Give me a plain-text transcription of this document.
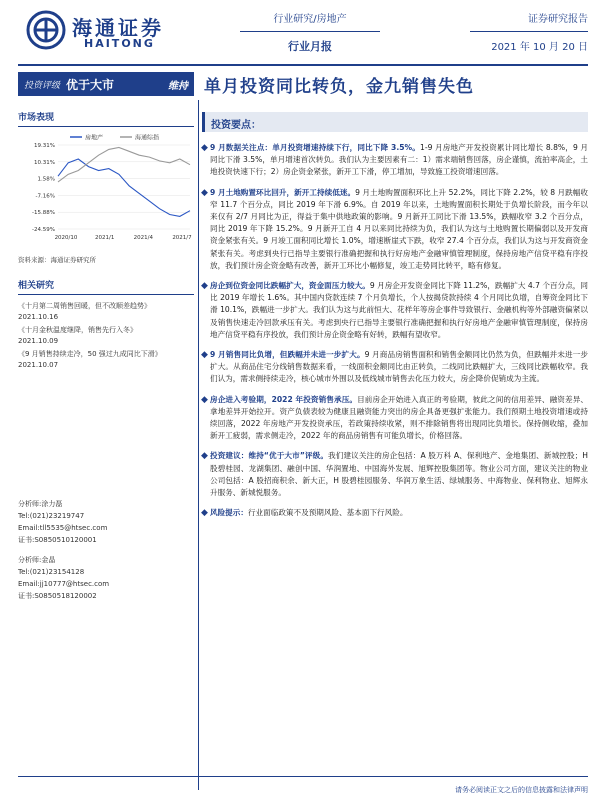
海通证券
HAITONG
行业研究/房地产
行业月报
证券研究报告
2021 年 10 月 20 日
投资评级 优于大市	维持
市场表现
房地产	海通综指
19.31%
10.31%
1.58%
-7.16%
-15.88%
-24.59%
2020/10	2021/1	2021/4	2021/7
资料来源：海通证券研究所
相关研究
《十月第二周销售回暖，但不改顺差趋势》
2021.10.16
《十月金秋温度继降，销售先行入冬》
2021.10.09
《9 月销售持续走冷，50 强过九成同比下滑》
2021.10.07
分析师:涂力磊
Tel:(021)23219747
Email:tll5535@htsec.com
证书:S0850510120001
分析师:金晶
Tel:(021)23154128
Email:jj10777@htsec.com
证书:S0850518120002
单月投资同比转负，金九销售失色
投资要点：
◆ 9 月数据关注点：单月投资增速持续下行，同比下降 3.5%。1-9 月房地产开发投资累计同比增长 8.8%，9 月同比下滑 3.5%，单月增速首次转负。我们认为主要因素有二：1）需求端销售回落，房企谨慎，流拍率高企，土地投资快速下行；2）房企资金紧张，新开工下滑，停工增加，导致施工投资增速回落。
◆ 9 月土地购置环比回升，新开工持续低迷。9 月土地购置面积环比上升 52.2%，同比下降 2.2%，较 8 月跌幅收窄 11.7 个百分点，同比 2019 年下滑 6.9%。自 2019 年以来，土地购置面积长期处于负增长阶段，而今年以来仅有 2/7 月同比为正，得益于集中供地政策的影响。9 月新开工同比下滑 13.5%，跌幅收窄 3.2 个百分点，同比 2019 年下降 15.2%。9 月新开工自 4 月以来同比持续为负，我们认为这与土地购置长期偏弱以及开发商资金紧张有关。9 月竣工面积同比增长 1.0%，增速断崖式下跌，收窄 27.4 个百分点，我们认为这与开发商资金紧张有关。考虑到央行已指导主要银行准确把握和执行好房地产金融审慎管理制度，保持房地产信贷平稳有序投放，我们预计房企资金略有改善，新开工环比小幅修复，竣工走势同比转平，略有修复。
◆ 房企到位资金同比跌幅扩大，资金面压力较大。9 月房企开发资金同比下降 11.2%，跌幅扩大 4.7 个百分点，同比 2019 年增长 1.6%。其中国内贷款连续 7 个月负增长，个人按揭贷款持续 4 个月同比负增，自筹资金同比下滑 10.1%，跌幅进一步扩大。我们认为这与此前恒大、花样年等房企事件导致银行、金融机构等外部融资偏紧以及销售快速走冷回款承压有关。考虑到央行已指导主要银行准确把握和执行好房地产金融审慎管理制度，保持房地产信贷平稳有序投放，我们预计房企资金略有好转，跌幅有望收窄。
◆ 9 月销售同比负增，但跌幅并未进一步扩大。9 月商品房销售面积和销售金额同比仍然为负，但跌幅并未进一步扩大。从商品住宅分线销售数据来看，一线面积金额同比由正转负，二线同比跌幅扩大，三线同比跌幅收窄。我们认为，需求侧持续走冷，核心城市外围以及低线城市销售去化压力较大，房企降价促销成为主流。
◆ 房企进入考验期，2022 年投资销售承压。目前房企开始进入真正的考验期，彼此之间的信用差异、融资差异、拿地差异开始拉开。资产负债表较为健康且融资能力突出的房企具备更强扩张能力。我们预期土地投资增速或持续回落，2022 年房地产开发投资承压，若政策持续收紧，则不排除销售将出现同比负增长。保持侧收缩，叠加新开工疲弱，需求侧走冷，2022 年的商品房销售有可能负增长，价格回落。
◆ 投资建议：维持“优于大市”评级。我们建议关注的房企包括：A 股万科 A、保利地产、金地集团、新城控股；H 股碧桂园、龙湖集团、融创中国、华润置地、中国海外发展、旭辉控股集团等。物业公司方面，建议关注的物业公司包括：A 股招商积余、新大正，H 股碧桂园服务、华润万象生活、绿城服务、中海物业、保利物业、旭辉永升服务、新城悦服务。
◆ 风险提示：行业面临政策不及预期风险、基本面下行风险。
请务必阅读正文之后的信息披露和法律声明
